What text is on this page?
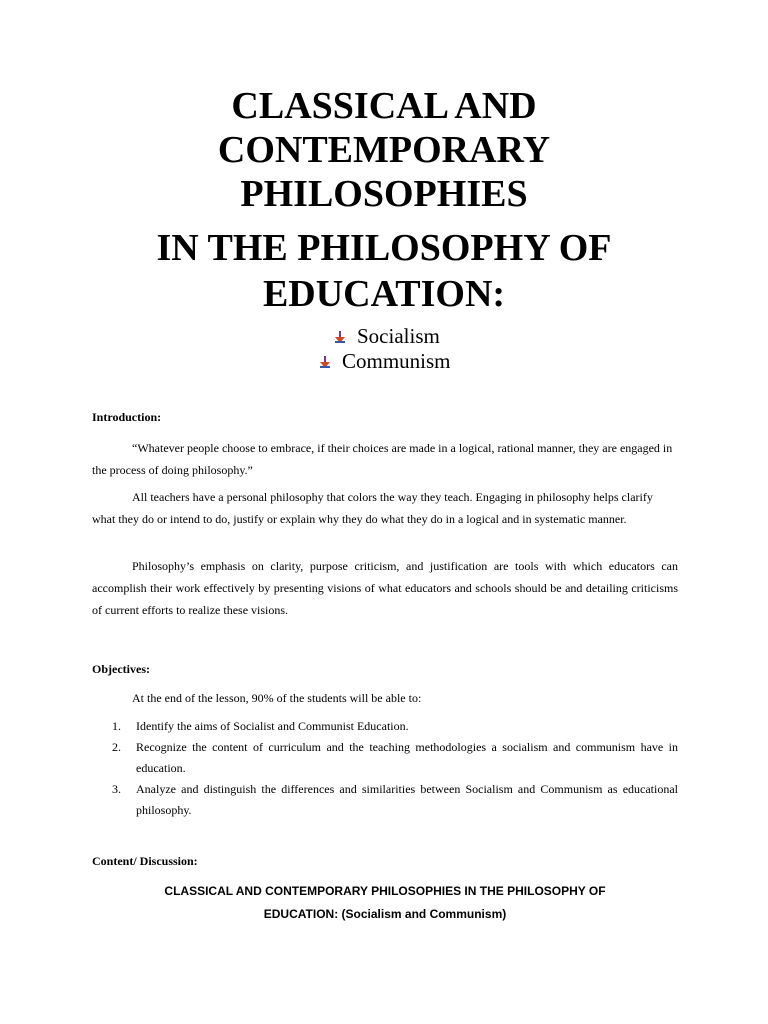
CLASSICAL AND
CONTEMPORARY
PHILOSOPHIES
IN THE PHILOSOPHY OF
EDUCATION:
Socialism
Communism

Introduction:

“Whatever people choose to embrace, if their choices are made in a logical, rational manner, they are engaged in the process of doing philosophy.”

All teachers have a personal philosophy that colors the way they teach. Engaging in philosophy helps clarify what they do or intend to do, justify or explain why they do what they do in a logical and in systematic manner.

Philosophy’s emphasis on clarity, purpose criticism, and justification are tools with which educators can accomplish their work effectively by presenting visions of what educators and schools should be and detailing criticisms of current efforts to realize these visions.

Objectives:

At the end of the lesson, 90% of the students will be able to:

1.	Identify the aims of Socialist and Communist Education.
2.	Recognize the content of curriculum and the teaching methodologies a socialism and communism have in education.
3.	Analyze and distinguish the differences and similarities between Socialism and Communism as educational philosophy.

Content/ Discussion:

CLASSICAL AND CONTEMPORARY PHILOSOPHIES IN THE PHILOSOPHY OF
EDUCATION: (Socialism and Communism)
